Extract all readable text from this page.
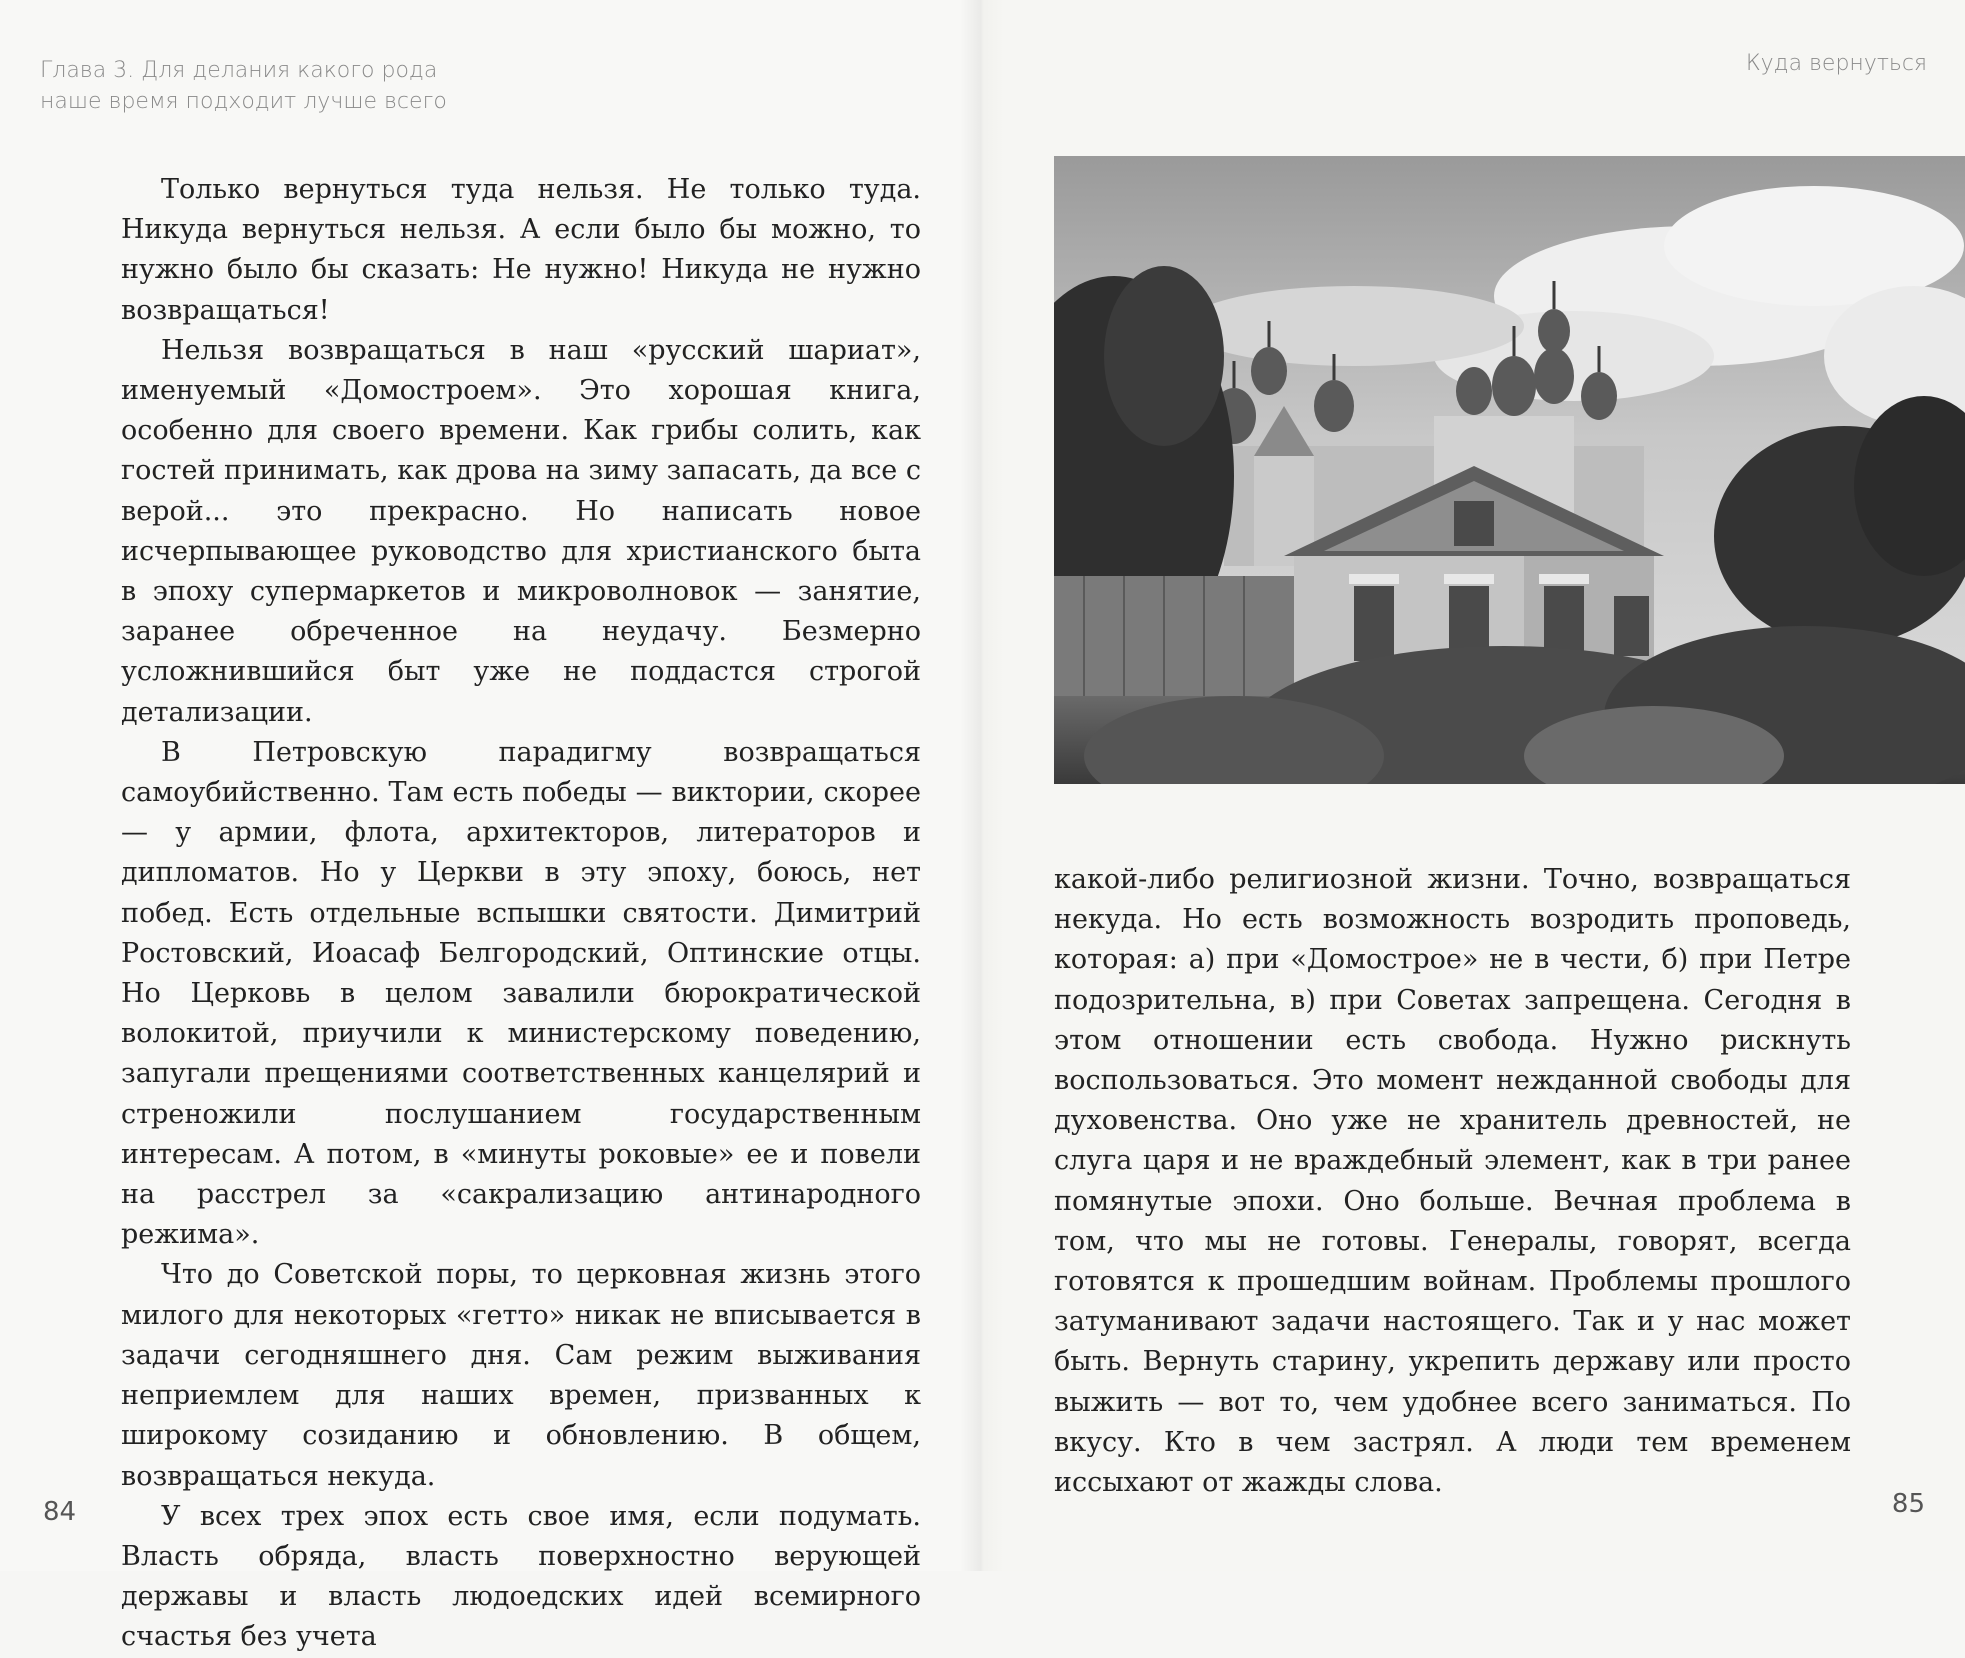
Глава 3. Для делания какого рода
наше время подходит лучше всего

Только вернуться туда нельзя. Не только туда. Никуда вернуться нельзя. А если было бы можно, то нужно было бы сказать: Не нужно! Никуда не нужно возвращаться!

Нельзя возвращаться в наш «русский шариат», именуемый «Домостроем». Это хорошая книга, особенно для своего времени. Как грибы солить, как гостей принимать, как дрова на зиму запасать, да все с верой... это прекрасно. Но написать новое исчерпывающее руководство для христианского быта в эпоху супермаркетов и микроволновок — занятие, заранее обреченное на неудачу. Безмерно усложнившийся быт уже не поддастся строгой детализации.

В Петровскую парадигму возвращаться самоубийственно. Там есть победы — виктории, скорее — у армии, флота, архитекторов, литераторов и дипломатов. Но у Церкви в эту эпоху, боюсь, нет побед. Есть отдельные вспышки святости. Димитрий Ростовский, Иоасаф Белгородский, Оптинские отцы. Но Церковь в целом завалили бюрократической волокитой, приучили к министерскому поведению, запугали прещениями соответственных канцелярий и стреножили послушанием государственным интересам. А потом, в «минуты роковые» ее и повели на расстрел за «сакрализацию антинародного режима».

Что до Советской поры, то церковная жизнь этого милого для некоторых «гетто» никак не вписывается в задачи сегодняшнего дня. Сам режим выживания неприемлем для наших времен, призванных к широкому созиданию и обновлению. В общем, возвращаться некуда.

У всех трех эпох есть свое имя, если подумать. Власть обряда, власть поверхностно верующей державы и власть людоедских идей всемирного счастья без учета

84
Куда вернуться
85

какой-либо религиозной жизни. Точно, возвращаться некуда. Но есть возможность возродить проповедь, которая: а) при «Домострое» не в чести, б) при Петре подозрительна, в) при Советах запрещена. Сегодня в этом отношении есть свобода. Нужно рискнуть воспользоваться. Это момент нежданной свободы для духовенства. Оно уже не хранитель древностей, не слуга царя и не враждебный элемент, как в три ранее помянутые эпохи. Оно больше. Вечная проблема в том, что мы не готовы. Генералы, говорят, всегда готовятся к прошедшим войнам. Проблемы прошлого затуманивают задачи настоящего. Так и у нас может быть. Вернуть старину, укрепить державу или просто выжить — вот то, чем удобнее всего заниматься. По вкусу. Кто в чем застрял. А люди тем временем иссыхают от жажды слова.
